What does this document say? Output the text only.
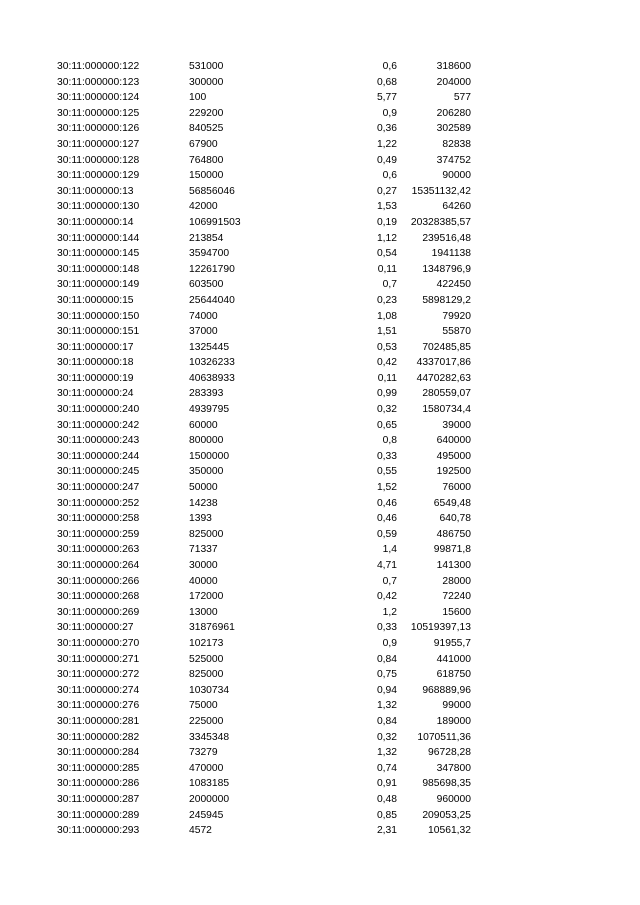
30:11:000000:122	531000	0,6	318600
30:11:000000:123	300000	0,68	204000
30:11:000000:124	100	5,77	577
30:11:000000:125	229200	0,9	206280
30:11:000000:126	840525	0,36	302589
30:11:000000:127	67900	1,22	82838
30:11:000000:128	764800	0,49	374752
30:11:000000:129	150000	0,6	90000
30:11:000000:13	56856046	0,27	15351132,42
30:11:000000:130	42000	1,53	64260
30:11:000000:14	106991503	0,19	20328385,57
30:11:000000:144	213854	1,12	239516,48
30:11:000000:145	3594700	0,54	1941138
30:11:000000:148	12261790	0,11	1348796,9
30:11:000000:149	603500	0,7	422450
30:11:000000:15	25644040	0,23	5898129,2
30:11:000000:150	74000	1,08	79920
30:11:000000:151	37000	1,51	55870
30:11:000000:17	1325445	0,53	702485,85
30:11:000000:18	10326233	0,42	4337017,86
30:11:000000:19	40638933	0,11	4470282,63
30:11:000000:24	283393	0,99	280559,07
30:11:000000:240	4939795	0,32	1580734,4
30:11:000000:242	60000	0,65	39000
30:11:000000:243	800000	0,8	640000
30:11:000000:244	1500000	0,33	495000
30:11:000000:245	350000	0,55	192500
30:11:000000:247	50000	1,52	76000
30:11:000000:252	14238	0,46	6549,48
30:11:000000:258	1393	0,46	640,78
30:11:000000:259	825000	0,59	486750
30:11:000000:263	71337	1,4	99871,8
30:11:000000:264	30000	4,71	141300
30:11:000000:266	40000	0,7	28000
30:11:000000:268	172000	0,42	72240
30:11:000000:269	13000	1,2	15600
30:11:000000:27	31876961	0,33	10519397,13
30:11:000000:270	102173	0,9	91955,7
30:11:000000:271	525000	0,84	441000
30:11:000000:272	825000	0,75	618750
30:11:000000:274	1030734	0,94	968889,96
30:11:000000:276	75000	1,32	99000
30:11:000000:281	225000	0,84	189000
30:11:000000:282	3345348	0,32	1070511,36
30:11:000000:284	73279	1,32	96728,28
30:11:000000:285	470000	0,74	347800
30:11:000000:286	1083185	0,91	985698,35
30:11:000000:287	2000000	0,48	960000
30:11:000000:289	245945	0,85	209053,25
30:11:000000:293	4572	2,31	10561,32
